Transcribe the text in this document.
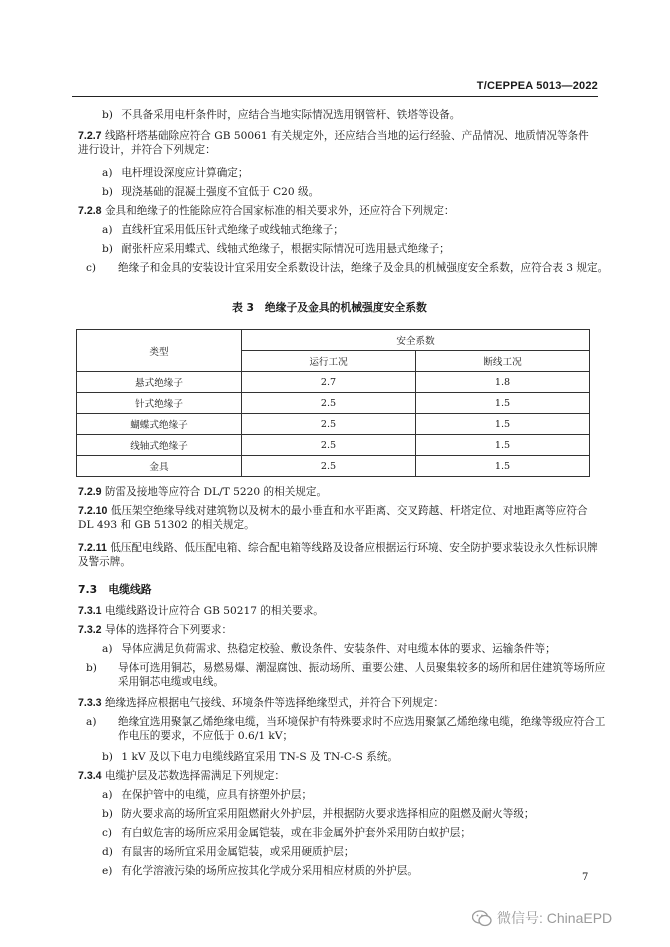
T/CEPPEA 5013—2022
b) 不具备采用电杆条件时，应结合当地实际情况选用钢管杆、铁塔等设备。
7.2.7 线路杆塔基础除应符合 GB 50061 有关规定外，还应结合当地的运行经验、产品情况、地质情况等条件进行设计，并符合下列规定：
a) 电杆埋设深度应计算确定；
b) 现浇基础的混凝土强度不宜低于 C20 级。
7.2.8 金具和绝缘子的性能除应符合国家标准的相关要求外，还应符合下列规定：
a) 直线杆宜采用低压针式绝缘子或线轴式绝缘子；
b) 耐张杆应采用蝶式、线轴式绝缘子，根据实际情况可选用悬式绝缘子；
c) 绝缘子和金具的安装设计宜采用安全系数设计法，绝缘子及金具的机械强度安全系数，应符合表 3 规定。
表 3　绝缘子及金具的机械强度安全系数
类型	安全系数	
	运行工况	断线工况
悬式绝缘子	2.7	1.8
针式绝缘子	2.5	1.5
蝴蝶式绝缘子	2.5	1.5
线轴式绝缘子	2.5	1.5
金具	2.5	1.5
7.2.9 防雷及接地等应符合 DL/T 5220 的相关规定。
7.2.10 低压架空绝缘导线对建筑物以及树木的最小垂直和水平距离、交叉跨越、杆塔定位、对地距离等应符合 DL 493 和 GB 51302 的相关规定。
7.2.11 低压配电线路、低压配电箱、综合配电箱等线路及设备应根据运行环境、安全防护要求装设永久性标识牌及警示牌。
7.3 电缆线路
7.3.1 电缆线路设计应符合 GB 50217 的相关要求。
7.3.2 导体的选择符合下列要求：
a) 导体应满足负荷需求、热稳定校验、敷设条件、安装条件、对电缆本体的要求、运输条件等；
b) 导体可选用铜芯，易燃易爆、潮湿腐蚀、振动场所、重要公建、人员聚集较多的场所和居住建筑等场所应采用铜芯电缆或电线。
7.3.3 绝缘选择应根据电气接线、环境条件等选择绝缘型式，并符合下列规定：
a) 绝缘宜选用聚氯乙烯绝缘电缆，当环境保护有特殊要求时不应选用聚氯乙烯绝缘电缆，绝缘等级应符合工作电压的要求，不应低于 0.6/1 kV；
b) 1 kV 及以下电力电缆线路宜采用 TN-S 及 TN-C-S 系统。
7.3.4 电缆护层及芯数选择需满足下列规定：
a) 在保护管中的电缆，应具有挤塑外护层；
b) 防火要求高的场所宜采用阻燃耐火外护层，并根据防火要求选择相应的阻燃及耐火等级；
c) 有白蚁危害的场所应采用金属铠装，或在非金属外护套外采用防白蚁护层；
d) 有鼠害的场所宜采用金属铠装，或采用硬质护层；
e) 有化学溶液污染的场所应按其化学成分采用相应材质的外护层。
7
微信号: ChinaEPD
